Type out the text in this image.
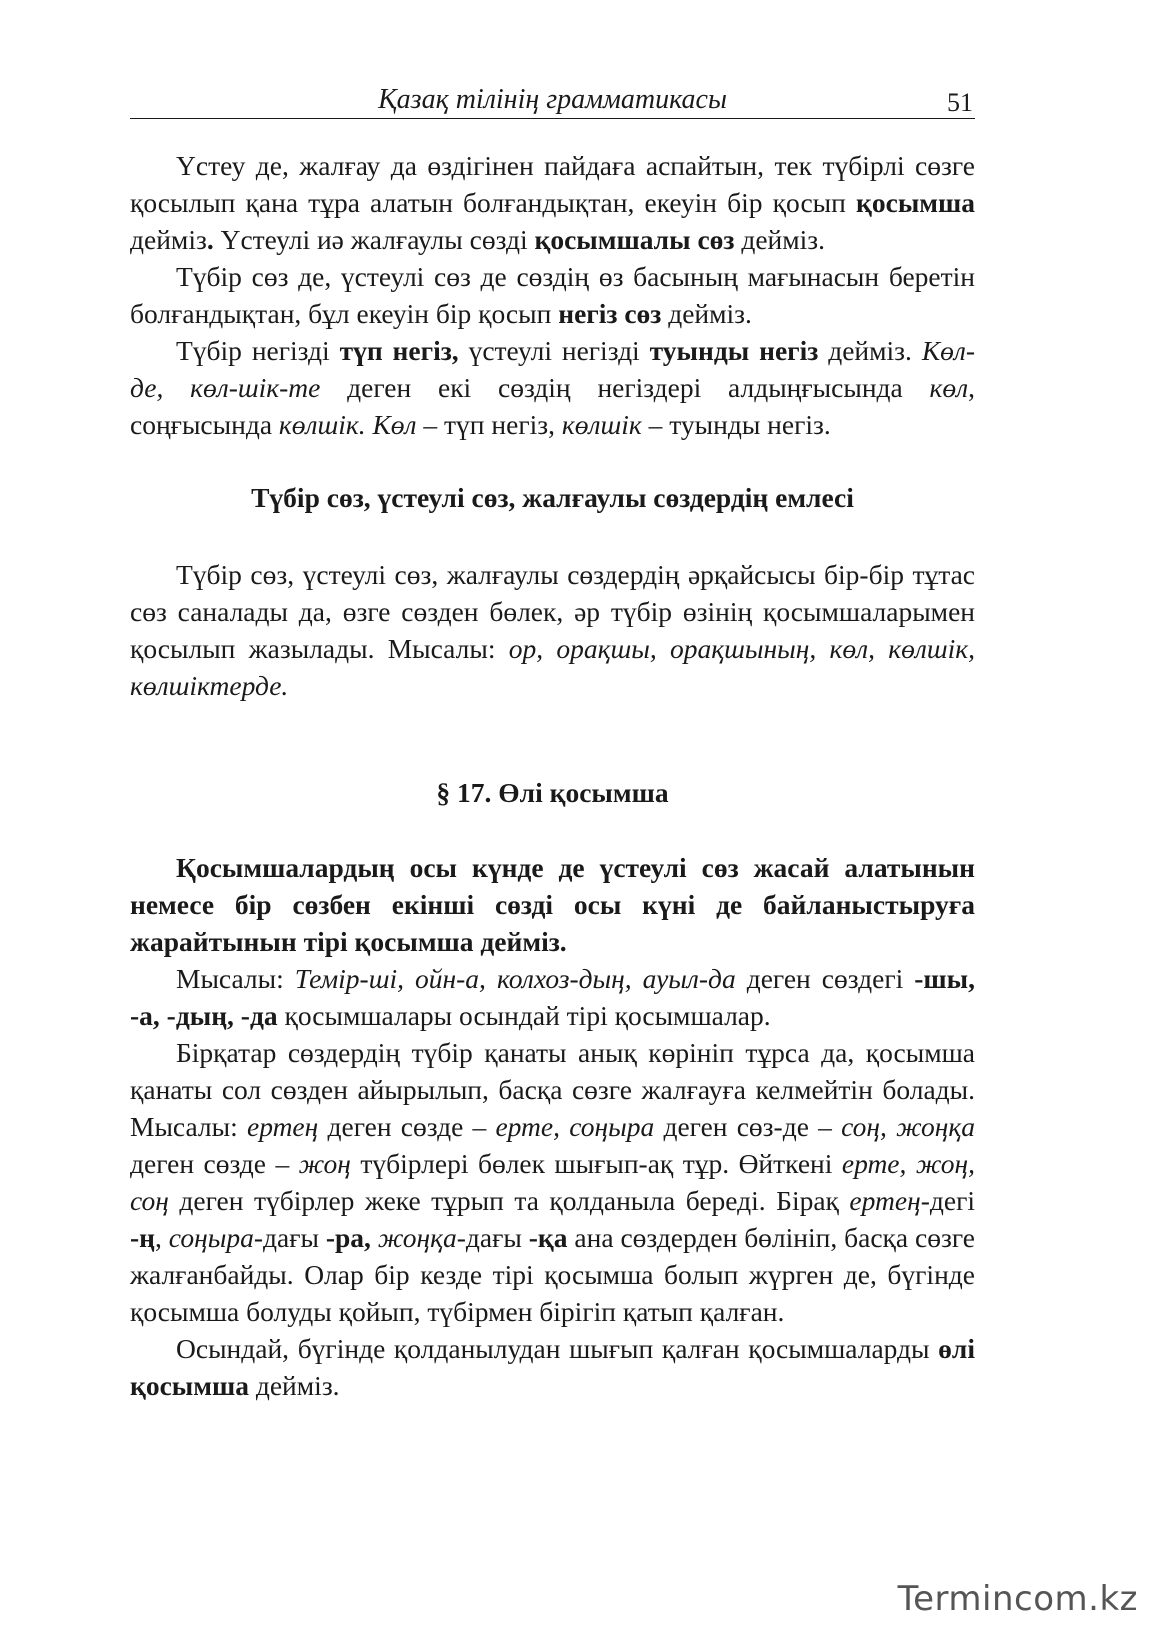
Қазақ тілінің грамматикасы	51

Үстеу де, жалғау да өздігінен пайдаға аспайтын, тек түбірлі сөзге қосылып қана тұра алатын болғандықтан, екеуін бір қосып қосымша дейміз. Үстеулі иә жалғаулы сөзді қосымшалы сөз дейміз.

Түбір сөз де, үстеулі сөз де сөздің өз басының мағынасын беретін болғандықтан, бұл екеуін бір қосып негіз сөз дейміз.

Түбір негізді түп негіз, үстеулі негізді туынды негіз дейміз. Көл-де, көл-шік-те деген екі сөздің негіздері алдыңғысында көл, соңғысында көлшік. Көл – түп негіз, көлшік – туынды негіз.

Түбір сөз, үстеулі сөз, жалғаулы сөздердің емлесі

Түбір сөз, үстеулі сөз, жалғаулы сөздердің әрқайсысы бір-бір тұтас сөз саналады да, өзге сөзден бөлек, әр түбір өзінің қосымшаларымен қосылып жазылады. Мысалы: ор, орақшы, орақшының, көл, көлшік, көлшіктерде.

§ 17. Өлі қосымша

Қосымшалардың осы күнде де үстеулі сөз жасай алатынын немесе бір сөзбен екінші сөзді осы күні де байланыстыруға жарайтынын тірі қосымша дейміз.

Мысалы: Темір-ші, ойн-а, колхоз-дың, ауыл-да деген сөздегі -шы, -а, -дың, -да қосымшалары осындай тірі қосымшалар.

Бірқатар сөздердің түбір қанаты анық көрініп тұрса да, қосымша қанаты сол сөзден айырылып, басқа сөзге жалғауға келмейтін болады. Мысалы: ертең деген сөзде – ерте, соңыра деген сөз-де – соң, жоңқа деген сөзде – жоң түбірлері бөлек шығып-ақ тұр. Өйткені ерте, жоң, соң деген түбірлер жеке тұрып та қолданыла береді. Бірақ ертең-дегі -ң, соңыра-дағы -ра, жоңқа-дағы -қа ана сөздерден бөлініп, басқа сөзге жалғанбайды. Олар бір кезде тірі қосымша болып жүрген де, бүгінде қосымша болуды қойып, түбірмен бірігіп қатып қалған.

Осындай, бүгінде қолданылудан шығып қалған қосымшаларды өлі қосымша дейміз.

Termincom.kz
